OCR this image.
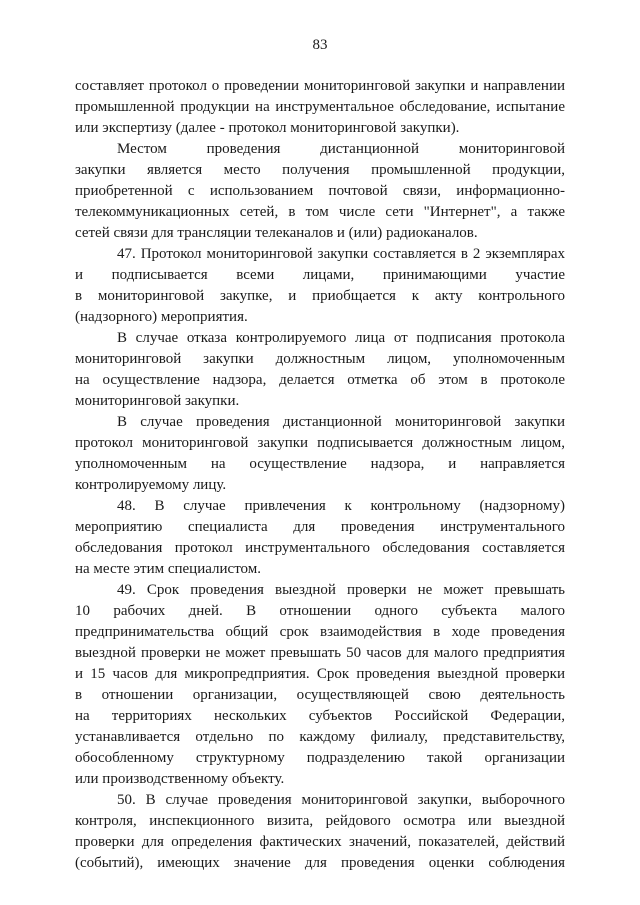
83
составляет протокол о проведении мониторинговой закупки и направлении
промышленной продукции на инструментальное обследование, испытание
или экспертизу (далее - протокол мониторинговой закупки).
Местом проведения дистанционной мониторинговой
закупки является место получения промышленной продукции,
приобретенной с использованием почтовой связи, информационно-
телекоммуникационных сетей, в том числе сети "Интернет", а также
сетей связи для трансляции телеканалов и (или) радиоканалов.
47. Протокол мониторинговой закупки составляется в 2 экземплярах
и подписывается всеми лицами, принимающими участие
в мониторинговой закупке, и приобщается к акту контрольного
(надзорного) мероприятия.
В случае отказа контролируемого лица от подписания протокола
мониторинговой закупки должностным лицом, уполномоченным
на осуществление надзора, делается отметка об этом в протоколе
мониторинговой закупки.
В случае проведения дистанционной мониторинговой закупки
протокол мониторинговой закупки подписывается должностным лицом,
уполномоченным на осуществление надзора, и направляется
контролируемому лицу.
48. В случае привлечения к контрольному (надзорному)
мероприятию специалиста для проведения инструментального
обследования протокол инструментального обследования составляется
на месте этим специалистом.
49. Срок проведения выездной проверки не может превышать
10 рабочих дней. В отношении одного субъекта малого
предпринимательства общий срок взаимодействия в ходе проведения
выездной проверки не может превышать 50 часов для малого предприятия
и 15 часов для микропредприятия. Срок проведения выездной проверки
в отношении организации, осуществляющей свою деятельность
на территориях нескольких субъектов Российской Федерации,
устанавливается отдельно по каждому филиалу, представительству,
обособленному структурному подразделению такой организации
или производственному объекту.
50. В случае проведения мониторинговой закупки, выборочного
контроля, инспекционного визита, рейдового осмотра или выездной
проверки для определения фактических значений, показателей, действий
(событий), имеющих значение для проведения оценки соблюдения
